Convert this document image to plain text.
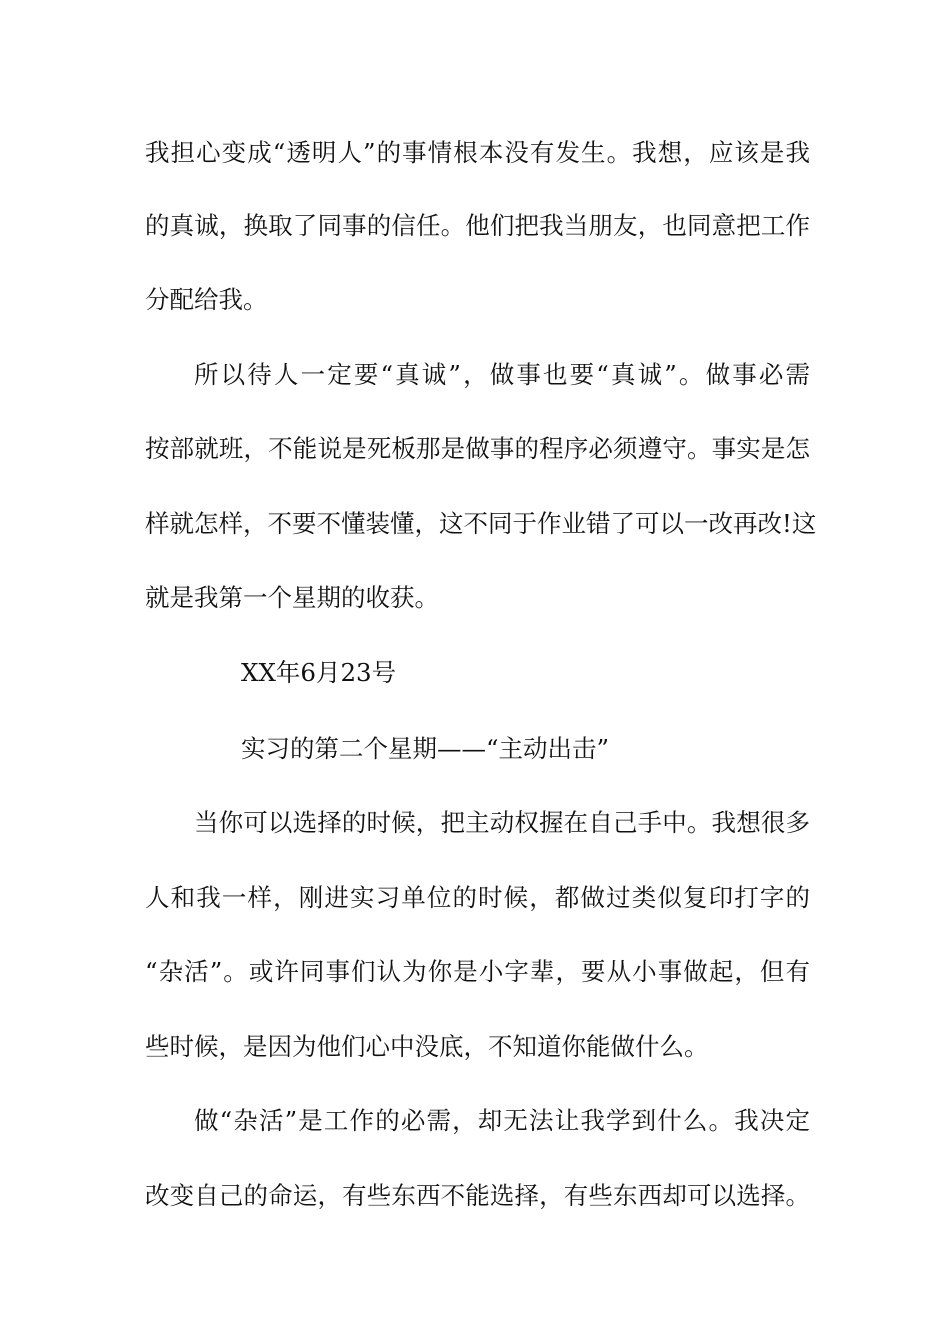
我担心变成“透明人”的事情根本没有发生。我想，应该是我
的真诚，换取了同事的信任。他们把我当朋友，也同意把工作
分配给我。
所以待人一定要“真诚”，做事也要“真诚”。做事必需
按部就班，不能说是死板那是做事的程序必须遵守。事实是怎
样就怎样，不要不懂装懂，这不同于作业错了可以一改再改!这
就是我第一个星期的收获。
XX年6月23号
实习的第二个星期——“主动出击”
当你可以选择的时候，把主动权握在自己手中。我想很多
人和我一样，刚进实习单位的时候，都做过类似复印打字的
“杂活”。或许同事们认为你是小字辈，要从小事做起，但有
些时候，是因为他们心中没底，不知道你能做什么。
做“杂活”是工作的必需，却无法让我学到什么。我决定
改变自己的命运，有些东西不能选择，有些东西却可以选择。
